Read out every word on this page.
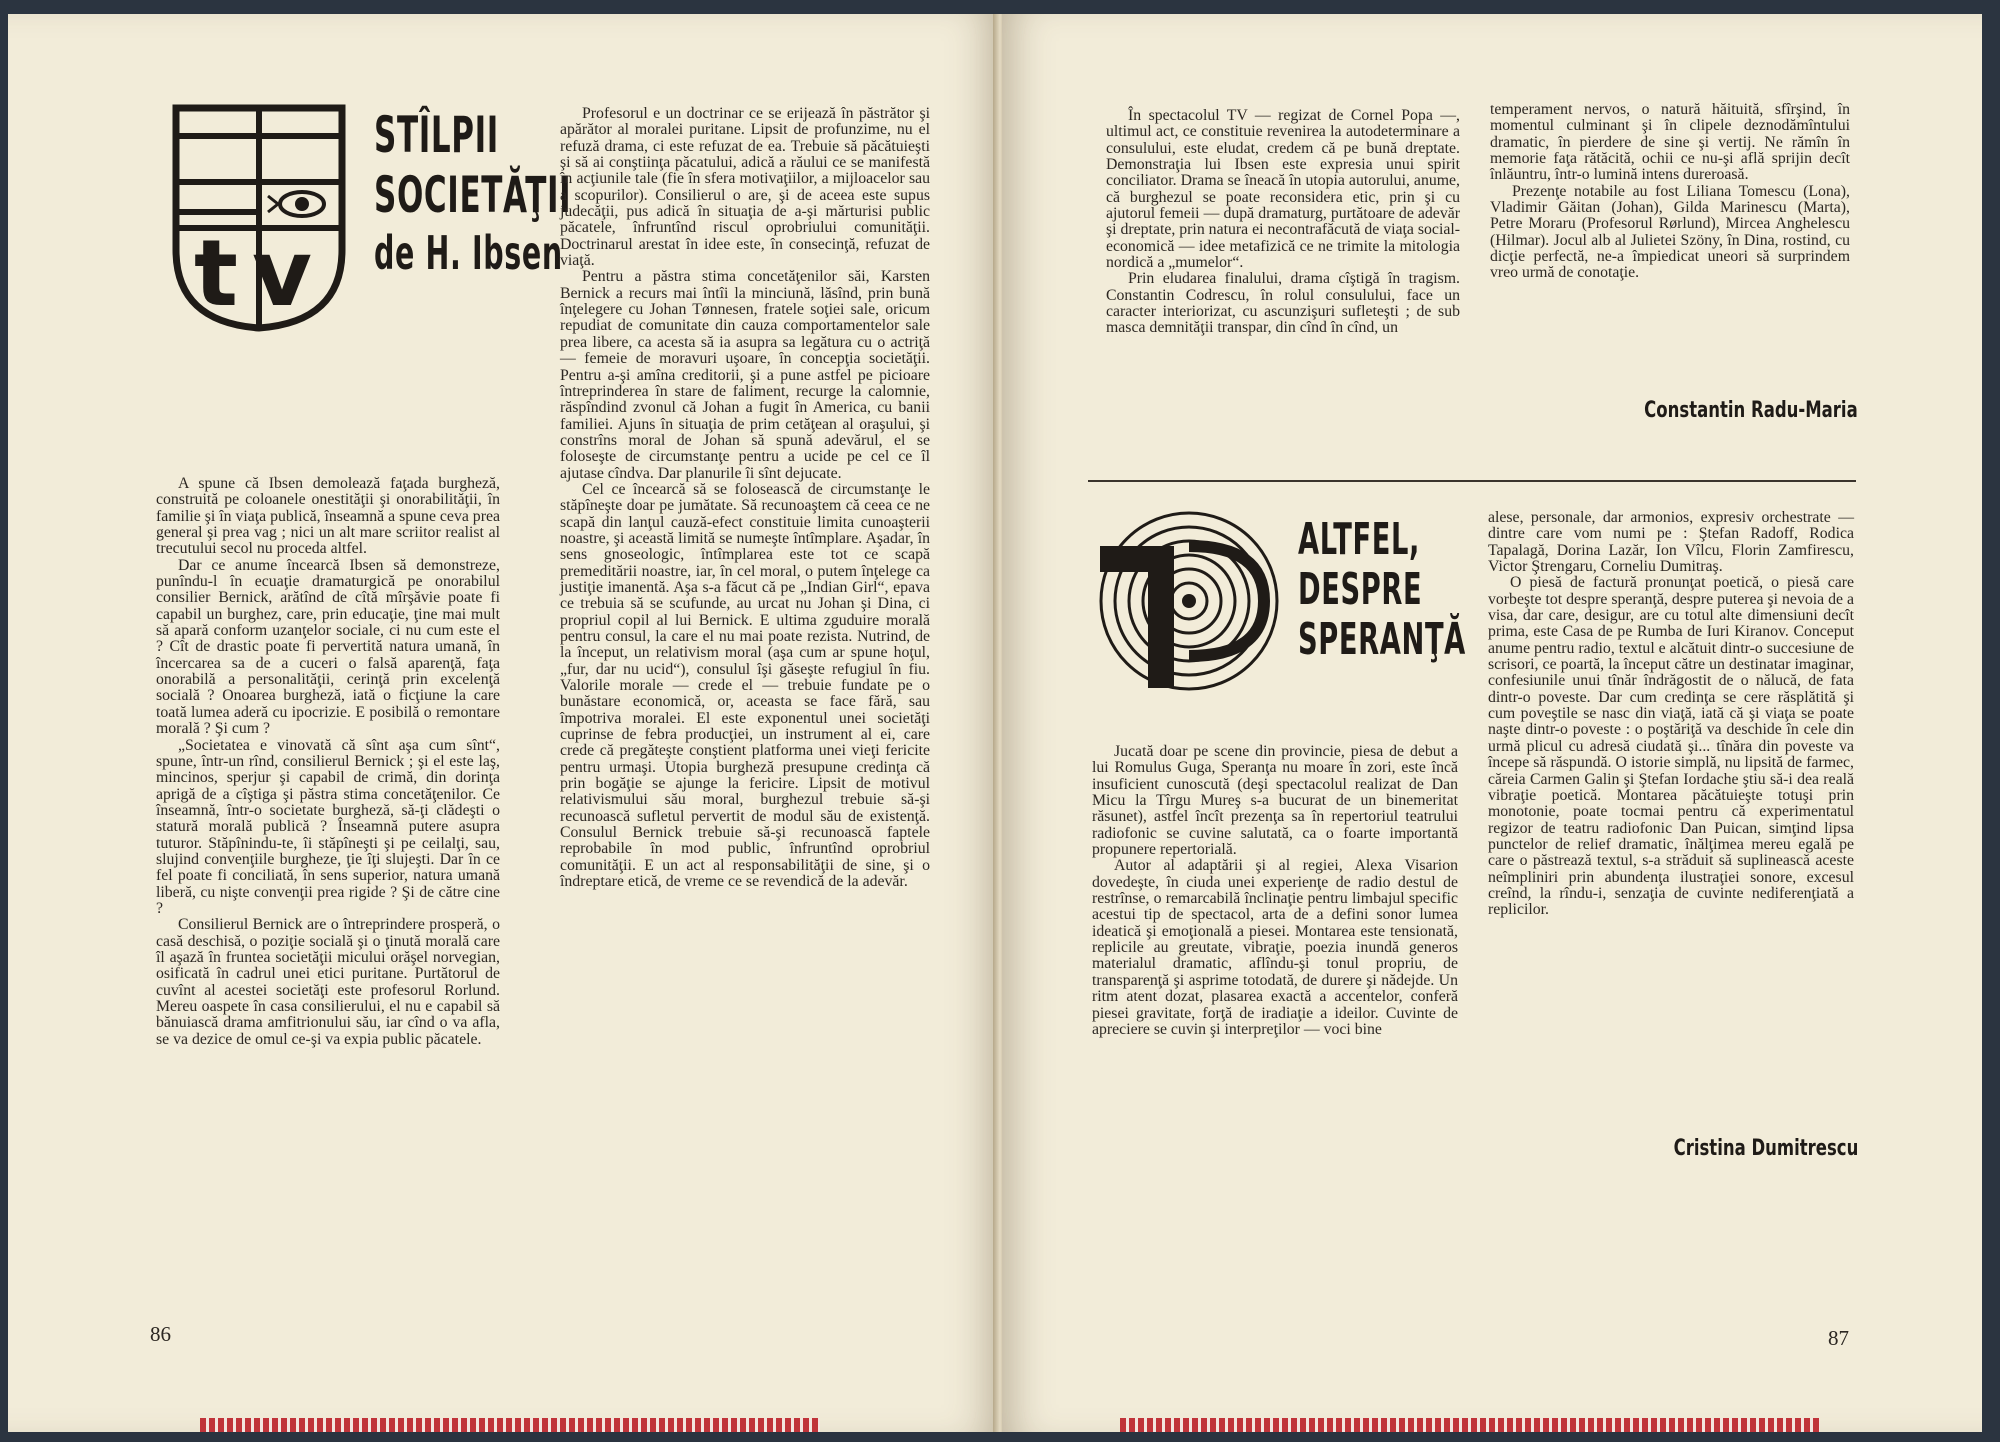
tv
STÎLPII
SOCIETĂŢII
de H. Ibsen

A spune că Ibsen demolează faţada burgheză, construită pe coloanele onestităţii şi onorabilităţii, în familie şi în viaţa publică, înseamnă a spune ceva prea general şi prea vag ; nici un alt mare scriitor realist al trecutului secol nu proceda altfel.

Dar ce anume încearcă Ibsen să demonstreze, punîndu-l în ecuaţie dramaturgică pe onorabilul consilier Bernick, arătînd de cîtă mîrşăvie poate fi capabil un burghez, care, prin educaţie, ţine mai mult să apară conform uzanţelor sociale, ci nu cum este el ? Cît de drastic poate fi pervertită natura umană, în încercarea sa de a cuceri o falsă aparenţă, faţa onorabilă a personalităţii, cerinţă prin excelenţă socială ? Onoarea burgheză, iată o ficţiune la care toată lumea aderă cu ipocrizie. E posibilă o remontare morală ? Şi cum ?

„Societatea e vinovată că sînt aşa cum sînt“, spune, într-un rînd, consilierul Bernick ; şi el este laş, mincinos, sperjur şi capabil de crimă, din dorinţa aprigă de a cîştiga şi păstra stima concetăţenilor. Ce înseamnă, într-o societate burgheză, să-ţi clădeşti o statură morală publică ? Înseamnă putere asupra tuturor. Stăpînindu-te, îi stăpîneşti şi pe ceilalţi, sau, slujind convenţiile burgheze, ţie îţi slujeşti. Dar în ce fel poate fi conciliată, în sens superior, natura umană liberă, cu nişte convenţii prea rigide ? Şi de către cine ?

Consilierul Bernick are o întreprindere prosperă, o casă deschisă, o poziţie socială şi o ţinută morală care îl aşază în fruntea societăţii micului orăşel norvegian, osificată în cadrul unei etici puritane. Purtătorul de cuvînt al acestei societăţi este profesorul Rorlund. Mereu oaspete în casa consilierului, el nu e capabil să bănuiască drama amfitrionului său, iar cînd o va afla, se va dezice de omul ce-şi va expia public păcatele.

Profesorul e un doctrinar ce se erijează în păstrător şi apărător al moralei puritane. Lipsit de profunzime, nu el refuză drama, ci este refuzat de ea. Trebuie să păcătuieşti şi să ai conştiinţa păcatului, adică a răului ce se manifestă în acţiunile tale (fie în sfera motivaţiilor, a mijloacelor sau a scopurilor). Consilierul o are, şi de aceea este supus judecăţii, pus adică în situaţia de a-şi mărturisi public păcatele, înfruntînd riscul oprobriului comunităţii. Doctrinarul arestat în idee este, în consecinţă, refuzat de viaţă.

Pentru a păstra stima concetăţenilor săi, Karsten Bernick a recurs mai întîi la minciună, lăsînd, prin bună înţelegere cu Johan Tønnesen, fratele soţiei sale, oricum repudiat de comunitate din cauza comportamentelor sale prea libere, ca acesta să ia asupra sa legătura cu o actriţă — femeie de moravuri uşoare, în concepţia societăţii. Pentru a-şi amîna creditorii, şi a pune astfel pe picioare întreprinderea în stare de faliment, recurge la calomnie, răspîndind zvonul că Johan a fugit în America, cu banii familiei. Ajuns în situaţia de prim cetăţean al oraşului, şi constrîns moral de Johan să spună adevărul, el se foloseşte de circumstanţe pentru a ucide pe cel ce îl ajutase cîndva. Dar planurile îi sînt dejucate.

Cel ce încearcă să se folosească de circumstanţe le stăpîneşte doar pe jumătate. Să recunoaştem că ceea ce ne scapă din lanţul cauză-efect constituie limita cunoaşterii noastre, şi această limită se numeşte întîmplare. Aşadar, în sens gnoseologic, întîmplarea este tot ce scapă premeditării noastre, iar, în cel moral, o putem înţelege ca justiţie imanentă. Aşa s-a făcut că pe „Indian Girl“, epava ce trebuia să se scufunde, au urcat nu Johan şi Dina, ci propriul copil al lui Bernick. E ultima zguduire morală pentru consul, la care el nu mai poate rezista. Nutrind, de la început, un relativism moral (aşa cum ar spune hoţul, „fur, dar nu ucid“), consulul îşi găseşte refugiul în fiu. Valorile morale — crede el — trebuie fundate pe o bunăstare economică, or, aceasta se face fără, sau împotriva moralei. El este exponentul unei societăţi cuprinse de febra producţiei, un instrument al ei, care crede că pregăteşte conştient platforma unei vieţi fericite pentru urmaşi. Utopia burgheză presupune credinţa că prin bogăţie se ajunge la fericire. Lipsit de motivul relativismului său moral, burghezul trebuie să-şi recunoască sufletul pervertit de modul său de existenţă. Consulul Bernick trebuie să-şi recunoască faptele reprobabile în mod public, înfruntînd oprobriul comunităţii. E un act al responsabilităţii de sine, şi o îndreptare etică, de vreme ce se revendică de la adevăr.

86

În spectacolul TV — regizat de Cornel Popa —, ultimul act, ce constituie revenirea la autodeterminare a consulului, este eludat, credem că pe bună dreptate. Demonstraţia lui Ibsen este expresia unui spirit conciliator. Drama se îneacă în utopia autorului, anume, că burghezul se poate reconsidera etic, prin şi cu ajutorul femeii — după dramaturg, purtătoare de adevăr şi dreptate, prin natura ei necontrafăcută de viaţa social-economică — idee metafizică ce ne trimite la mitologia nordică a „mumelor“.

Prin eludarea finalului, drama cîştigă în tragism. Constantin Codrescu, în rolul consulului, face un caracter interiorizat, cu ascunzişuri sufleteşti ; de sub masca demnităţii transpar, din cînd în cînd, un

temperament nervos, o natură hăituită, sfîrşind, în momentul culminant şi în clipele deznodămîntului dramatic, în pierdere de sine şi vertij. Ne rămîn în memorie faţa rătăcită, ochii ce nu-şi află sprijin decît înlăuntru, într-o lumină intens dureroasă.

Prezenţe notabile au fost Liliana Tomescu (Lona), Vladimir Găitan (Johan), Gilda Marinescu (Marta), Petre Moraru (Profesorul Rørlund), Mircea Anghelescu (Hilmar). Jocul alb al Julietei Szöny, în Dina, rostind, cu dicţie perfectă, ne-a împiedicat uneori să surprindem vreo urmă de conotaţie.

Constantin Radu-Maria
ALTFEL,
DESPRE
SPERANŢĂ

Jucată doar pe scene din provincie, piesa de debut a lui Romulus Guga, Speranţa nu moare în zori, este încă insuficient cunoscută (deşi spectacolul realizat de Dan Micu la Tîrgu Mureş s-a bucurat de un binemeritat răsunet), astfel încît prezenţa sa în repertoriul teatrului radiofonic se cuvine salutată, ca o foarte importantă propunere repertorială.

Autor al adaptării şi al regiei, Alexa Visarion dovedeşte, în ciuda unei experienţe de radio destul de restrînse, o remarcabilă înclinaţie pentru limbajul specific acestui tip de spectacol, arta de a defini sonor lumea ideatică şi emoţională a piesei. Montarea este tensionată, replicile au greutate, vibraţie, poezia inundă generos materialul dramatic, aflîndu-şi tonul propriu, de transparenţă şi asprime totodată, de durere şi nădejde. Un ritm atent dozat, plasarea exactă a accentelor, conferă piesei gravitate, forţă de iradiaţie a ideilor. Cuvinte de apreciere se cuvin şi interpreţilor — voci bine

alese, personale, dar armonios, expresiv orchestrate — dintre care vom numi pe : Ştefan Radoff, Rodica Tapalagă, Dorina Lazăr, Ion Vîlcu, Florin Zamfirescu, Victor Ştrengaru, Corneliu Dumitraş.

O piesă de factură pronunţat poetică, o piesă care vorbeşte tot despre speranţă, despre puterea şi nevoia de a visa, dar care, desigur, are cu totul alte dimensiuni decît prima, este Casa de pe Rumba de Iuri Kiranov. Conceput anume pentru radio, textul e alcătuit dintr-o succesiune de scrisori, ce poartă, la început către un destinatar imaginar, confesiunile unui tînăr îndrăgostit de o nălucă, de fata dintr-o poveste. Dar cum credinţa se cere răsplătită şi cum poveştile se nasc din viaţă, iată că şi viaţa se poate naşte dintr-o poveste : o poştăriţă va deschide în cele din urmă plicul cu adresă ciudată şi... tînăra din poveste va începe să răspundă. O istorie simplă, nu lipsită de farmec, căreia Carmen Galin şi Ştefan Iordache ştiu să-i dea reală vibraţie poetică. Montarea păcătuieşte totuşi prin monotonie, poate tocmai pentru că experimentatul regizor de teatru radiofonic Dan Puican, simţind lipsa punctelor de relief dramatic, înălţimea mereu egală pe care o păstrează textul, s-a străduit să suplinească aceste neîmpliniri prin abundenţa ilustraţiei sonore, excesul creînd, la rîndu-i, senzaţia de cuvinte nediferenţiată a replicilor.

Cristina Dumitrescu
87
